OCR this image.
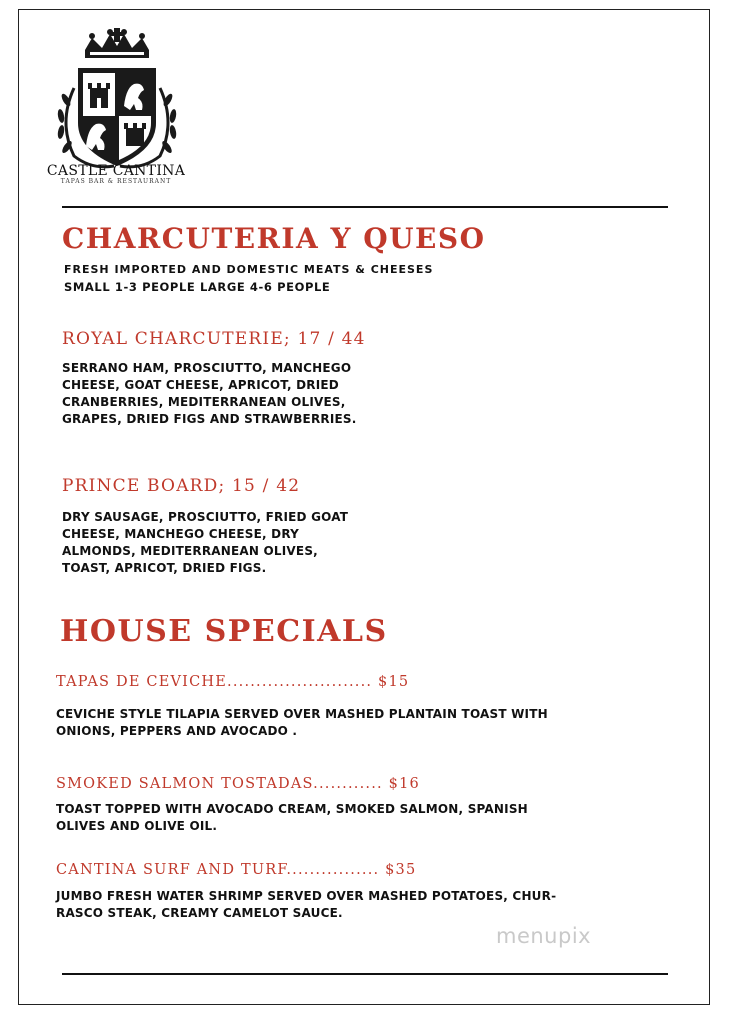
CASTLE CANTINA
TAPAS BAR & RESTAURANT
CHARCUTERIA Y QUESO
FRESH IMPORTED AND DOMESTIC MEATS & CHEESES
SMALL 1-3 PEOPLE LARGE 4-6 PEOPLE
ROYAL CHARCUTERIE; 17 / 44
SERRANO HAM, PROSCIUTTO, MANCHEGO
CHEESE, GOAT CHEESE, APRICOT, DRIED
CRANBERRIES, MEDITERRANEAN OLIVES,
GRAPES, DRIED FIGS AND STRAWBERRIES.
PRINCE BOARD; 15 / 42
DRY SAUSAGE, PROSCIUTTO, FRIED GOAT
CHEESE, MANCHEGO CHEESE, DRY
ALMONDS, MEDITERRANEAN OLIVES,
TOAST, APRICOT, DRIED FIGS.
HOUSE SPECIALS
TAPAS DE CEVICHE......................... $15
CEVICHE STYLE TILAPIA SERVED OVER MASHED PLANTAIN TOAST WITH
ONIONS, PEPPERS AND AVOCADO .
SMOKED SALMON TOSTADAS............ $16
TOAST TOPPED WITH AVOCADO CREAM, SMOKED SALMON, SPANISH
OLIVES AND OLIVE OIL.
CANTINA SURF AND TURF................ $35
JUMBO FRESH WATER SHRIMP SERVED OVER MASHED POTATOES, CHUR-
RASCO STEAK, CREAMY CAMELOT SAUCE.
menupix
